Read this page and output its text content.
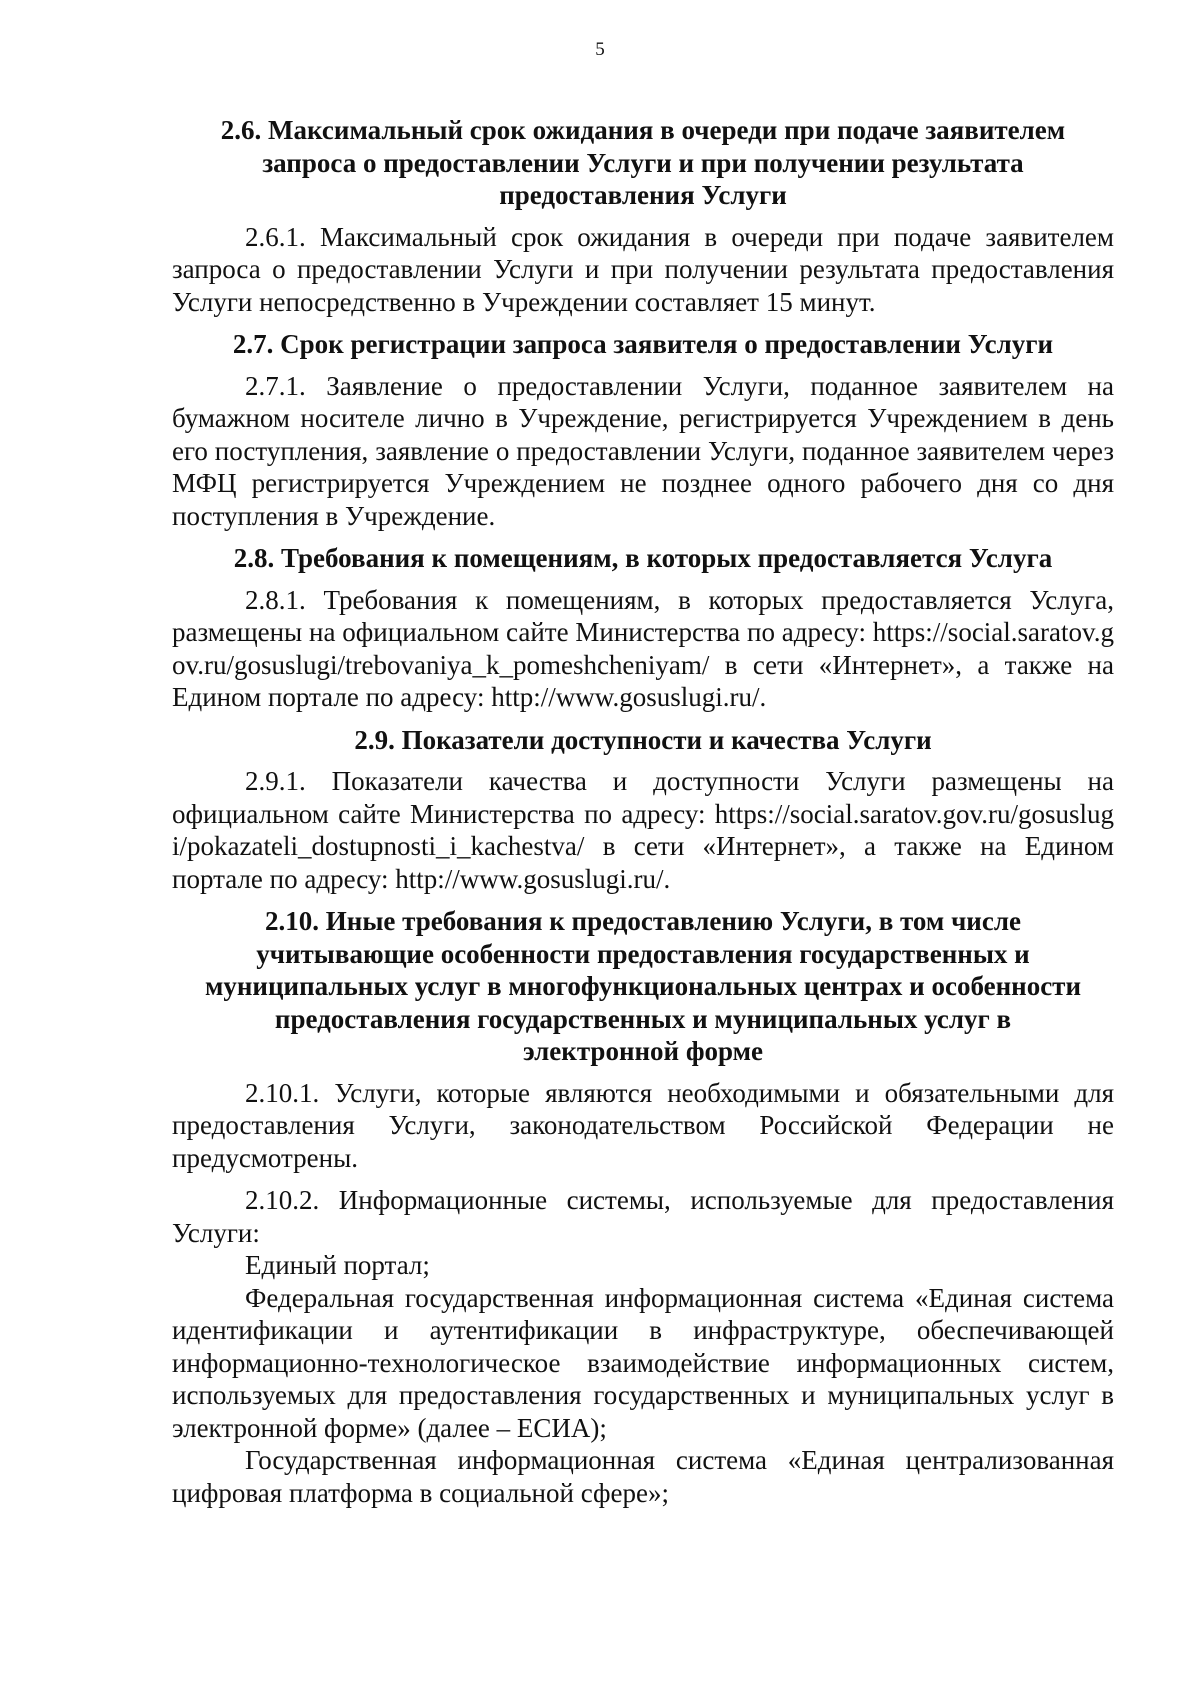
5
2.6. Максимальный срок ожидания в очереди при подаче заявителем
запроса о предоставлении Услуги и при получении результата
предоставления Услуги

2.6.1. Максимальный срок ожидания в очереди при подаче заявителем запроса о предоставлении Услуги и при получении результата предоставления Услуги непосредственно в Учреждении составляет 15 минут.

2.7. Срок регистрации запроса заявителя о предоставлении Услуги

2.7.1. Заявление о предоставлении Услуги, поданное заявителем на бумажном носителе лично в Учреждение, регистрируется Учреждением в день его поступления, заявление о предоставлении Услуги, поданное заявителем через МФЦ регистрируется Учреждением не позднее одного рабочего дня со дня поступления в Учреждение.

2.8. Требования к помещениям, в которых предоставляется Услуга

2.8.1. Требования к помещениям, в которых предоставляется Услуга, размещены на официальном сайте Министерства по адресу: https://social.saratov.gov.ru/gosuslugi/trebovaniya_k_pomeshcheniyam/ в сети «Интернет», а также на Едином портале по адресу: http://www.gosuslugi.ru/.

2.9. Показатели доступности и качества Услуги

2.9.1. Показатели качества и доступности Услуги размещены на официальном сайте Министерства по адресу: https://social.saratov.gov.ru/gosuslugi/pokazateli_dostupnosti_i_kachestva/ в сети «Интернет», а также на Едином портале по адресу: http://www.gosuslugi.ru/.

2.10. Иные требования к предоставлению Услуги, в том числе
учитывающие особенности предоставления государственных и
муниципальных услуг в многофункциональных центрах и особенности
предоставления государственных и муниципальных услуг в
электронной форме

2.10.1. Услуги, которые являются необходимыми и обязательными для предоставления Услуги, законодательством Российской Федерации не предусмотрены.

2.10.2. Информационные системы, используемые для предоставления Услуги:

Единый портал;

Федеральная государственная информационная система «Единая система идентификации и аутентификации в инфраструктуре, обеспечивающей информационно-технологическое взаимодействие информационных систем, используемых для предоставления государственных и муниципальных услуг в электронной форме» (далее – ЕСИА);

Государственная информационная система «Единая централизованная цифровая платформа в социальной сфере»;
